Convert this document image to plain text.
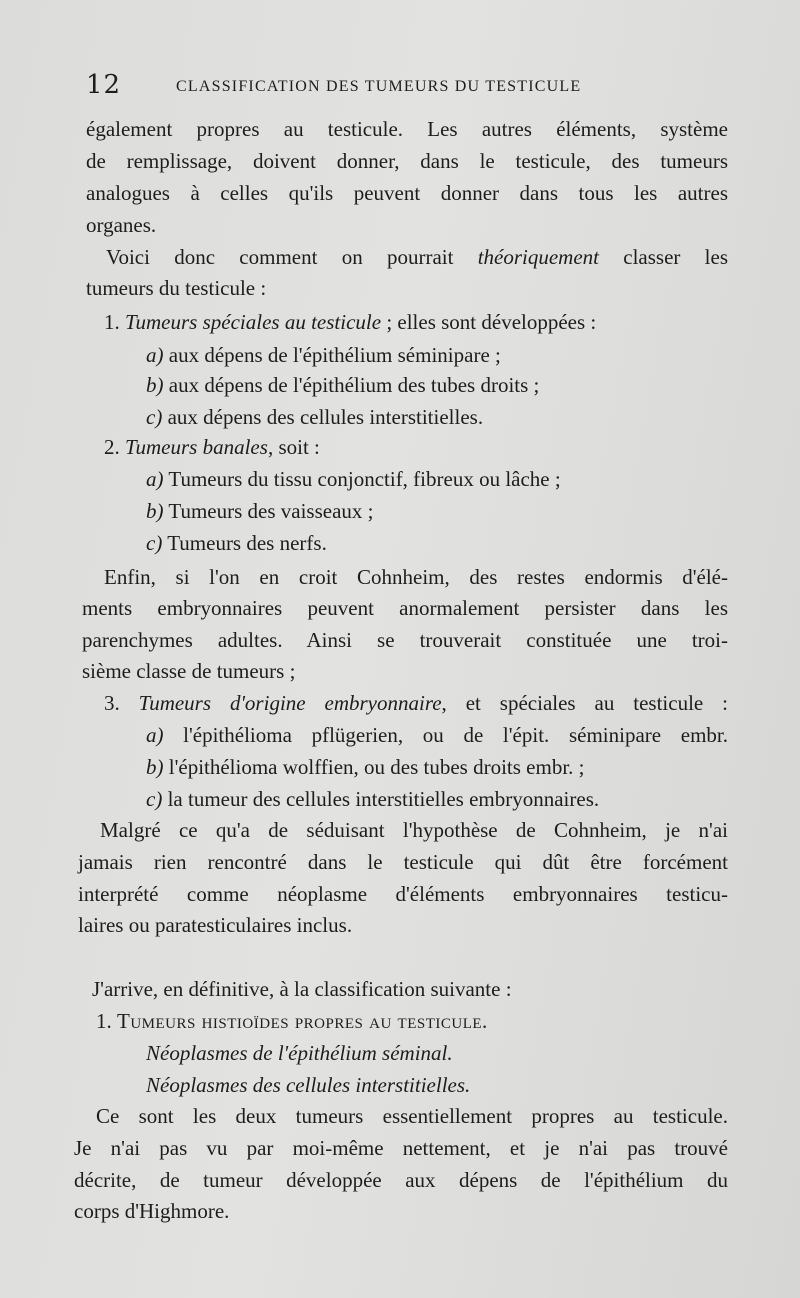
12	CLASSIFICATION DES TUMEURS DU TESTICULE
également propres au testicule. Les autres éléments, système
de remplissage, doivent donner, dans le testicule, des tumeurs
analogues à celles qu'ils peuvent donner dans tous les autres
organes.
Voici donc comment on pourrait théoriquement classer les
tumeurs du testicule :
1. Tumeurs spéciales au testicule ; elles sont développées :
a) aux dépens de l'épithélium séminipare ;
b) aux dépens de l'épithélium des tubes droits ;
c) aux dépens des cellules interstitielles.
2. Tumeurs banales, soit :
a) Tumeurs du tissu conjonctif, fibreux ou lâche ;
b) Tumeurs des vaisseaux ;
c) Tumeurs des nerfs.
Enfin, si l'on en croit Cohnheim, des restes endormis d'élé-
ments embryonnaires peuvent anormalement persister dans les
parenchymes adultes. Ainsi se trouverait constituée une troi-
sième classe de tumeurs ;
3. Tumeurs d'origine embryonnaire, et spéciales au testicule :
a) l'épithélioma pflügerien, ou de l'épit. séminipare embr.
b) l'épithélioma wolffien, ou des tubes droits embr. ;
c) la tumeur des cellules interstitielles embryonnaires.
Malgré ce qu'a de séduisant l'hypothèse de Cohnheim, je n'ai
jamais rien rencontré dans le testicule qui dût être forcément
interprété comme néoplasme d'éléments embryonnaires testicu-
laires ou paratesticulaires inclus.
J'arrive, en définitive, à la classification suivante :
1. Tumeurs histioïdes propres au testicule.
Néoplasmes de l'épithélium séminal.
Néoplasmes des cellules interstitielles.
Ce sont les deux tumeurs essentiellement propres au testicule.
Je n'ai pas vu par moi-même nettement, et je n'ai pas trouvé
décrite, de tumeur développée aux dépens de l'épithélium du
corps d'Highmore.
